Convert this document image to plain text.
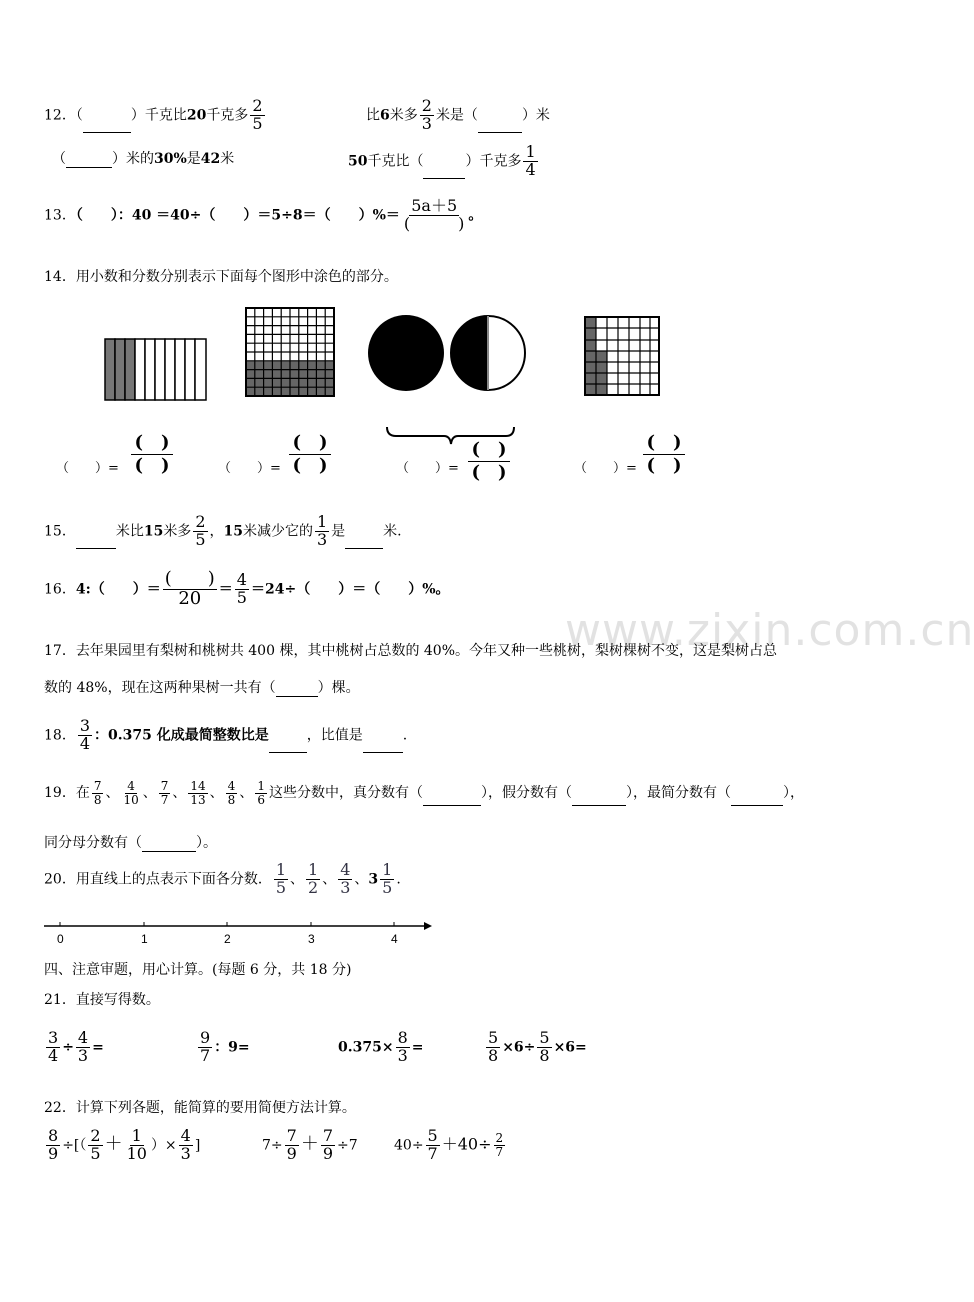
www.zixin.com.cn
12．（	）千克比20千克多 $\frac{2}{5}$	比6米多 $\frac{2}{3}$ 米是（	）米
（	）米的30%是42米	50千克比（	）千克多 $\frac{1}{4}$
13．（　　）：40 ＝40÷（　　）＝5÷8＝（　　）%＝ $\frac{5a+5}{( )}$ 。
14．用小数和分数分别表示下面每个图形中涂色的部分。
（　　）=
(　)
(　)	（　　）=
(　)
(　)	（　　）=
(　)
(　)	（　　）=
(　)
(　)
15．	米比15米多 $\frac{2}{5}$ ，15米减少它的 $\frac{1}{3}$ 是	米.
16．4:（　　）＝ $\frac{( )}{20} = \frac{4}{5} =24\div$（　　）＝（　　）%。
17．去年果园里有梨树和桃树共 400 棵，其中桃树占总数的 40%。今年又种一些桃树，梨树棵树不变，这是梨树占总
数的 48%，现在这两种果树一共有（	）棵。
18． $\frac{3}{4}$ ：0.375 化成最简整数比是	，比值是	.
19．在 $\frac{7}{8}$ 、 $\frac{4}{10}$ 、 $\frac{7}{7}$ 、 $\frac{14}{13}$ 、 $\frac{4}{8}$ 、 $\frac{1}{6}$ 这些分数中，真分数有（	），假分数有（	），最简分数有（	），
同分母分数有（	）。
20．用直线上的点表示下面各分数． $\frac{1}{5}$ 、 $\frac{1}{2}$ 、 $\frac{4}{3}$ 、$3 \frac{1}{5}$ .
0	1	2	3	4
四、注意审题，用心计算。(每题 6 分，共 18 分)
21．直接写得数。
$\frac{3}{4} \div \frac{4}{3}$ =	$\frac{9}{7}$ ：9=	$0.375\times \frac{8}{3}$ =	$\frac{5}{8} \times 6\div \frac{5}{8} \times 6=$
22．计算下列各题，能简算的要用简便方法计算。
$\frac{8}{9}$ ÷[（ $\frac{2}{5} + \frac{1}{10}$ ）× $\frac{4}{3}$ ]	$7\div \frac{7}{9} + \frac{7}{9} \div 7$	$40\div \frac{5}{7} +40\div \frac{2}{7}$
